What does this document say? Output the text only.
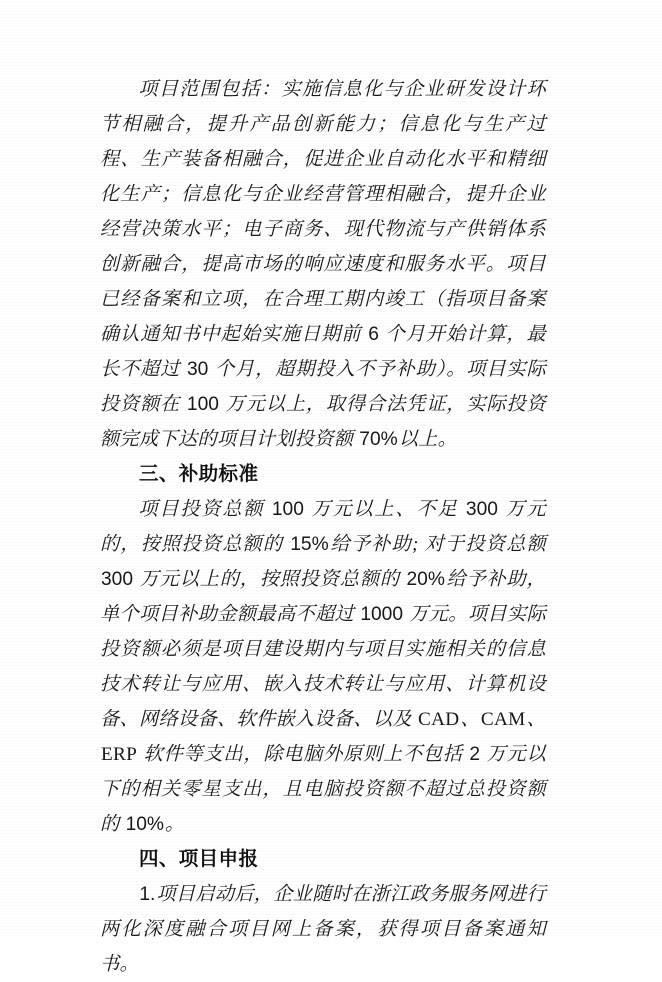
项目范围包括：实施信息化与企业研发设计环节相融合，提升产品创新能力；信息化与生产过程、生产装备相融合，促进企业自动化水平和精细化生产；信息化与企业经营管理相融合，提升企业经营决策水平；电子商务、现代物流与产供销体系创新融合，提高市场的响应速度和服务水平。项目已经备案和立项，在合理工期内竣工（指项目备案确认通知书中起始实施日期前 6 个月开始计算，最长不超过 30 个月，超期投入不予补助）。项目实际投资额在 100 万元以上，取得合法凭证，实际投资额完成下达的项目计划投资额 70%以上。

三、补助标准

项目投资总额 100 万元以上、不足 300 万元的，按照投资总额的 15%给予补助; 对于投资总额 300 万元以上的，按照投资总额的 20%给予补助，单个项目补助金额最高不超过 1000 万元。项目实际投资额必须是项目建设期内与项目实施相关的信息技术转让与应用、嵌入技术转让与应用、计算机设备、网络设备、软件嵌入设备、以及 CAD、CAM、ERP 软件等支出，除电脑外原则上不包括 2 万元以下的相关零星支出，且电脑投资额不超过总投资额的 10%。

四、项目申报

1.项目启动后，企业随时在浙江政务服务网进行两化深度融合项目网上备案，获得项目备案通知书。
